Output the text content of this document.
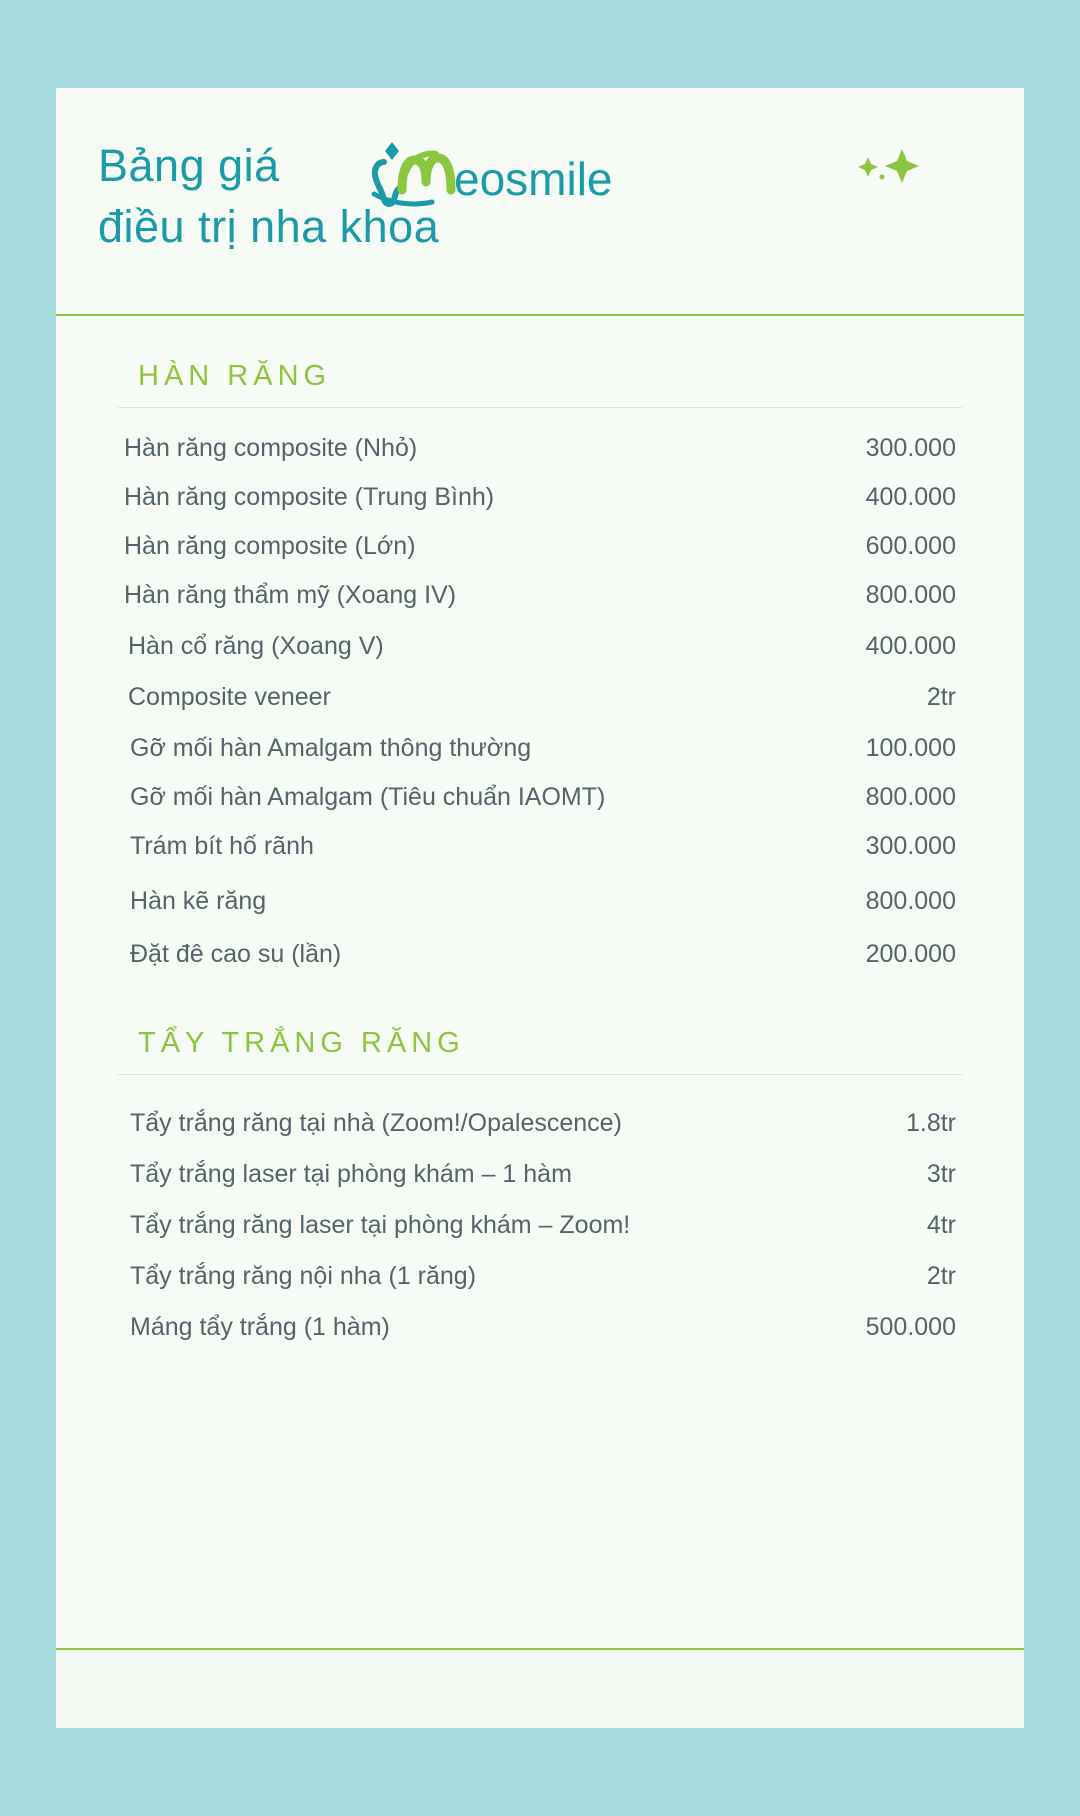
Bảng giá
điều trị nha khoa
eosmile
HÀN RĂNG
Hàn răng composite (Nhỏ)	300.000
Hàn răng composite (Trung Bình)	400.000
Hàn răng composite (Lớn)	600.000
Hàn răng thẩm mỹ (Xoang IV)	800.000
Hàn cổ răng (Xoang V)	400.000
Composite veneer	2tr
Gỡ mối hàn Amalgam thông thường	100.000
Gỡ mối hàn Amalgam (Tiêu chuẩn IAOMT)	800.000
Trám bít hố rãnh	300.000
Hàn kẽ răng	800.000
Đặt đê cao su (lần)	200.000
TẨY TRẮNG RĂNG
Tẩy trắng răng tại nhà (Zoom!/Opalescence)	1.8tr
Tẩy trắng laser tại phòng khám – 1 hàm	3tr
Tẩy trắng răng laser tại phòng khám – Zoom!	4tr
Tẩy trắng răng nội nha (1 răng)	2tr
Máng tẩy trắng (1 hàm)	500.000
